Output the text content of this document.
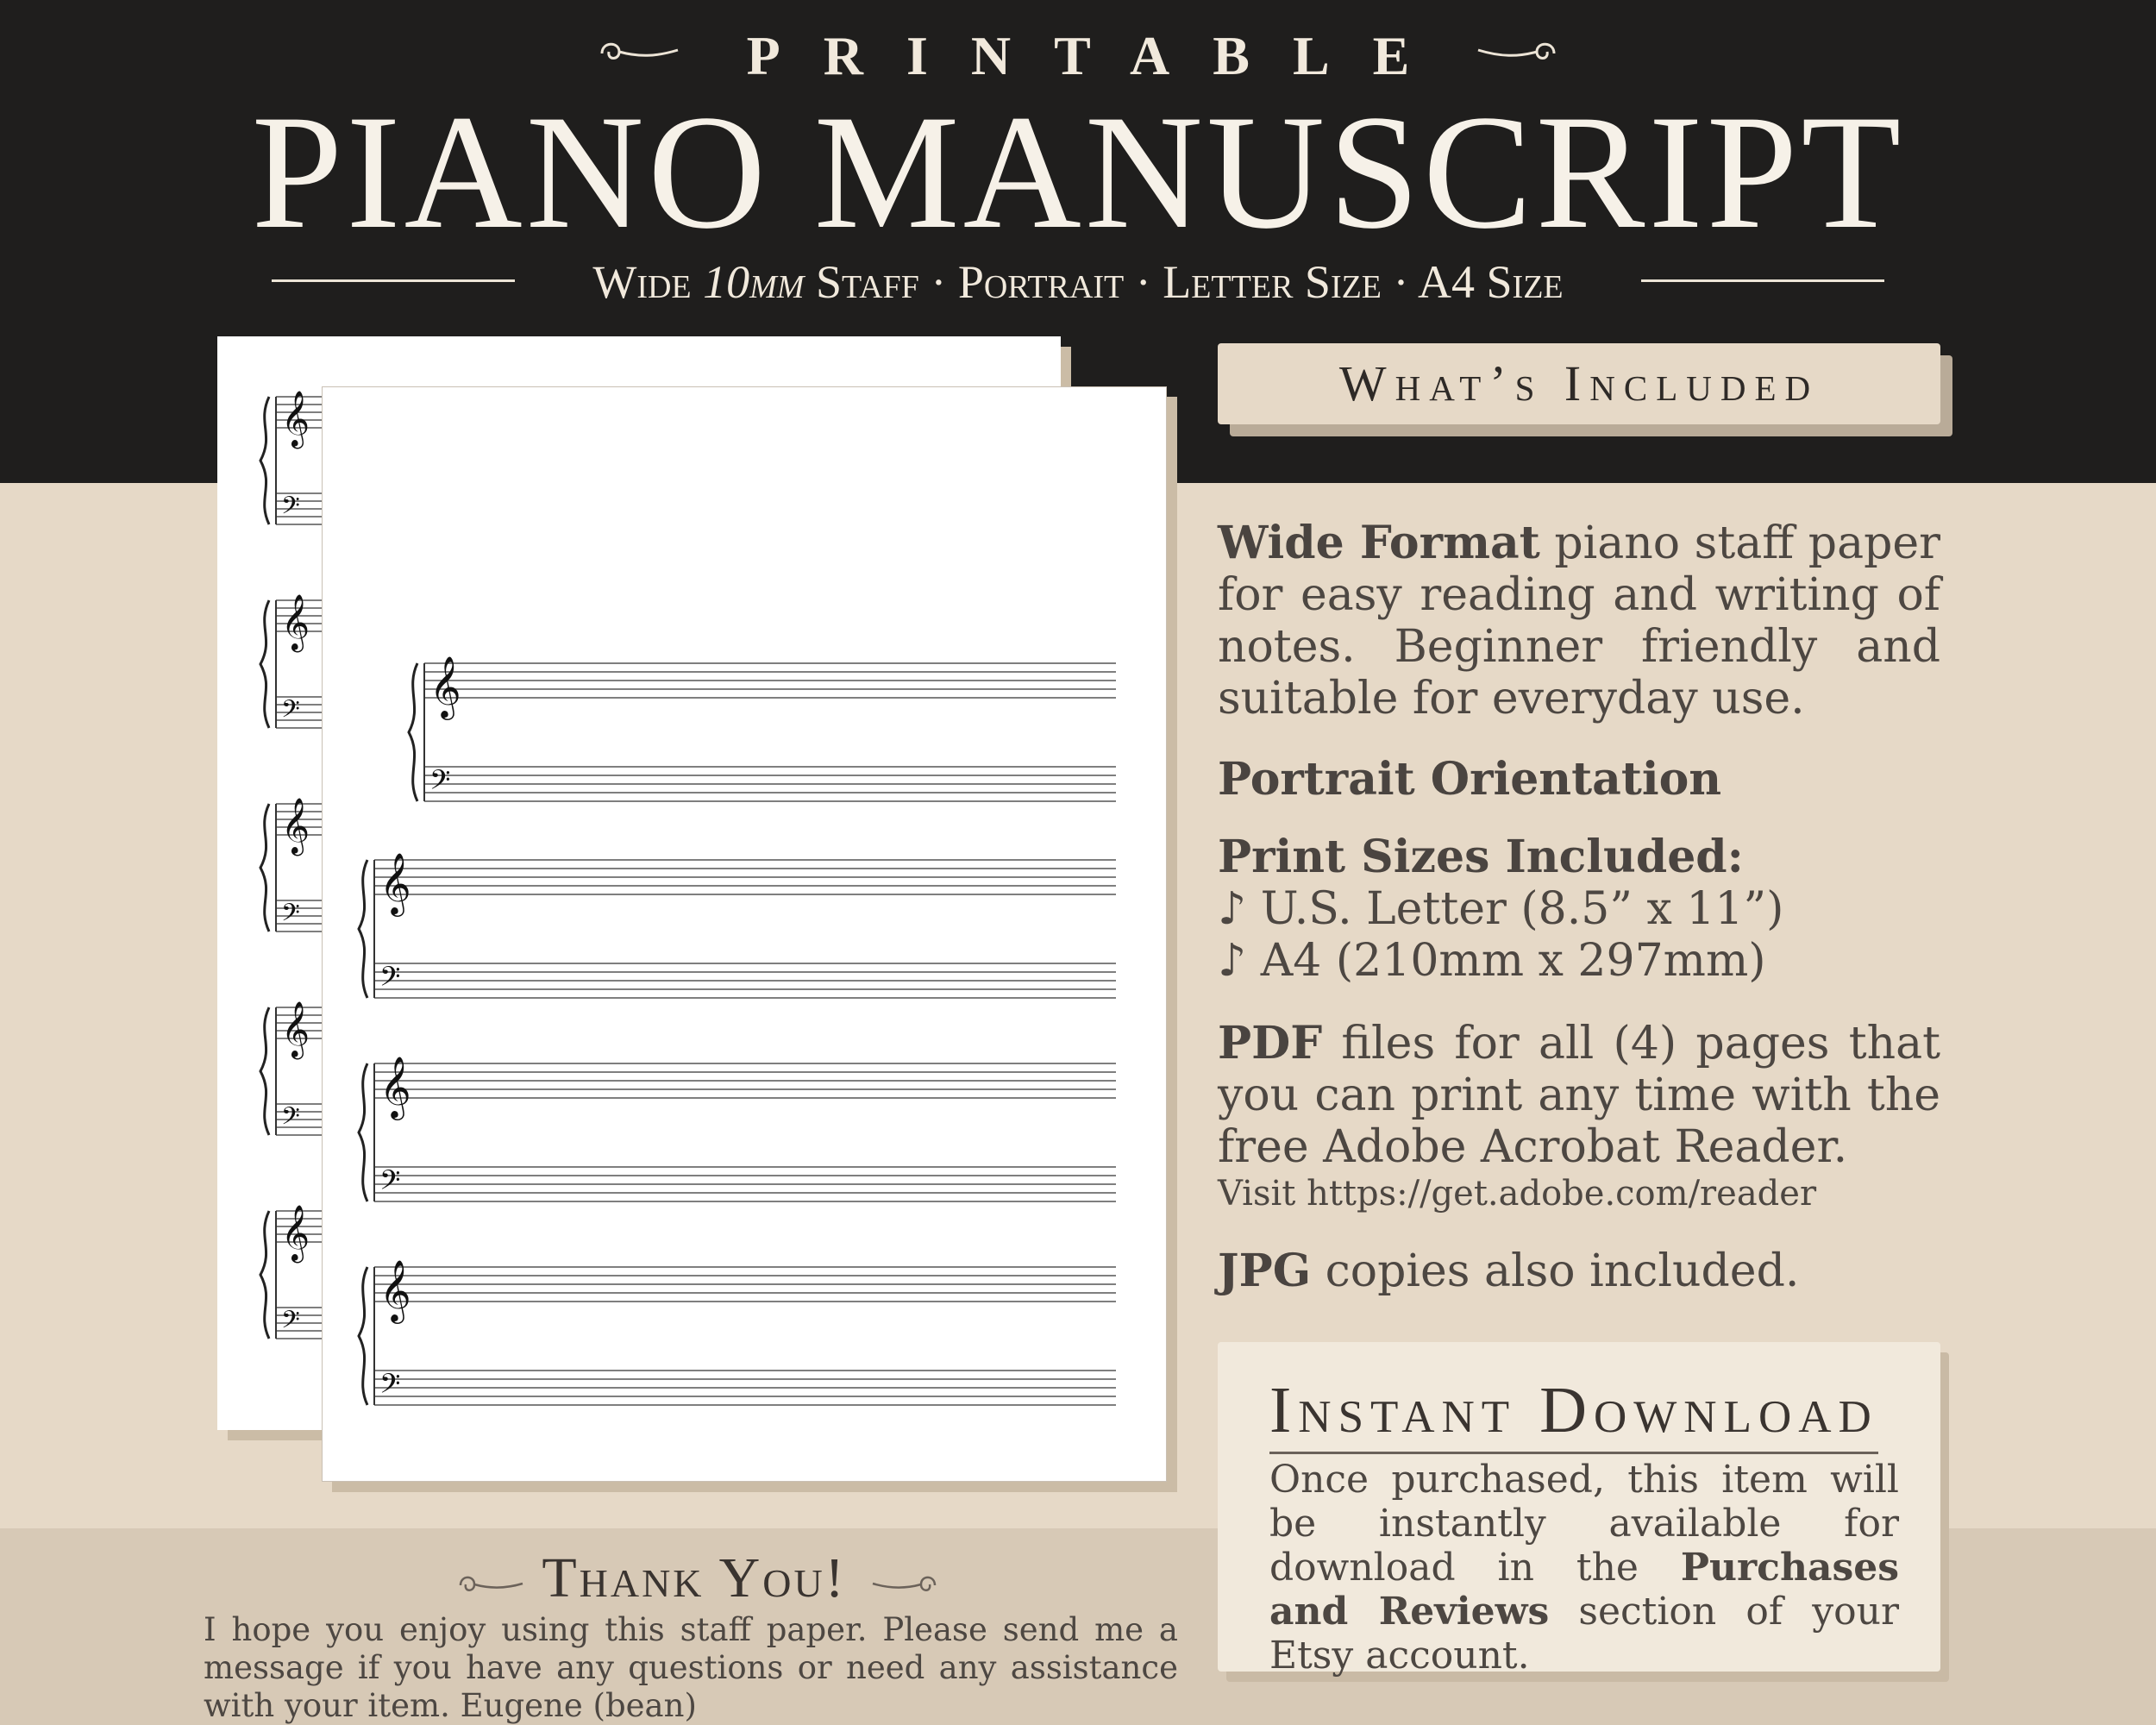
PRINTABLE
PIANO MANUSCRIPT
Wide 10mm Staff · Portrait · Letter Size · A4 Size
𝄞
𝄢
𝄞
𝄢
𝄞
𝄢
𝄞
𝄢
𝄞
𝄢
𝄞
𝄢
𝄞
𝄢
𝄞
𝄢
𝄞
𝄢
What’s Included

Wide Format piano staff paper for easy reading and writing of notes. Beginner friendly and suitable for everyday use.

Portrait Orientation

Print Sizes Included:
♪ U.S. Letter (8.5” x 11”)
♪ A4 (210mm x 297mm)

PDF files for all (4) pages that you can print any time with the free Adobe Acrobat Reader.

Visit https://get.adobe.com/reader

JPG copies also included.

Instant Download

Once purchased, this item will be instantly available for download in the Purchases and Reviews section of your Etsy account.

Thank You!

I hope you enjoy using this staff paper. Please send me a message if you have any questions or need any assistance with your item. Eugene (bean)
